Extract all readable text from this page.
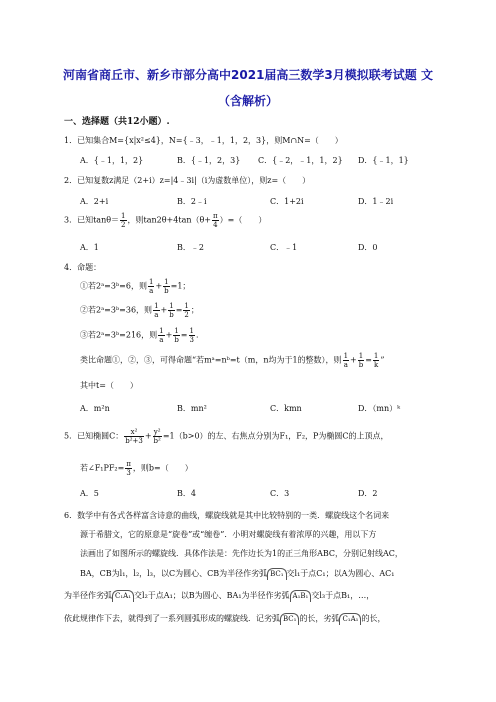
河南省商丘市、新乡市部分高中2021届高三数学3月模拟联考试题 文
（含解析）
一、选择题（共12小题）.
1．已知集合M={x|x²≤4}，N={﹣3，﹣1，1，2，3}，则M∩N=（　　）
A．{﹣1，1，2}	B．{﹣1，2，3} C．{﹣2，﹣1，1，2} D．{﹣1，1}
2．已知复数z满足（2+i）z=|4﹣3i|（i为虚数单位），则z=（　　）
A．2+i	B．2﹣i	C．1+2i	D．1﹣2i
3．已知$\tan\theta= \frac{1}{2}$ ，则$\tan 2\theta+4\tan(\theta+ \frac{\pi}{4}$ ）=（　　）
A．1	B．﹣2	C．﹣1	D．0
4．命题：
①若2ᵃ=3ᵇ=6，则 $\frac{1}{a} + \frac{1}{b} =1$；
②若2ᵃ=3ᵇ=36，则 $\frac{1}{a} + \frac{1}{b} = \frac{1}{2}$ ；
③若2ᵃ=3ᵇ=216，则 $\frac{1}{a} + \frac{1}{b} = \frac{1}{3}$ ．
类比命题①，②，③，可得命题“若mᵃ=nᵇ=t（m，n均为于1的整数），则 $\frac{1}{a} + \frac{1}{b} = \frac{1}{k}$ ”
其中t=（　　）
A．m²n	B．mn²	C．kmn	D．（mn）ᵏ
5．已知椭圆C： $\frac{\text{x²}}{\text{b²+3}} + \frac{\text{y²}}{\text{b²}} =1(b>0)$的左、右焦点分别为F₁，F₂，P为椭圆C的上顶点，
若∠F₁PF₂= $\frac{\pi}{3}$ ，则b=（　　）
A．5	B．4	C．3	D．2
6．数学中有各式各样富含诗意的曲线，螺旋线就是其中比较特别的一类．螺旋线这个名词来
源于希腊文，它的原意是“旋卷”或“缠卷”．小明对螺旋线有着浓厚的兴趣，用以下方
法画出了如图所示的螺旋线．具体作法是：先作边长为1的正三角形ABC，分别记射线AC，
BA，CB为l₁，l₂，l₃，以C为圆心、CB为半径作劣弧 BC₁ 交l₁于点C₁；以A为圆心、AC₁
为半径作劣弧 C₁A₁ 交l₂于点A₁；以B为圆心、BA₁为半径作劣弧 A₁B₁ 交l₃于点B₁，…，
依此规律作下去，就得到了一系列圆弧形成的螺旋线．记劣弧 BC₁ 的长，劣弧 C₁A₁ 的长，
